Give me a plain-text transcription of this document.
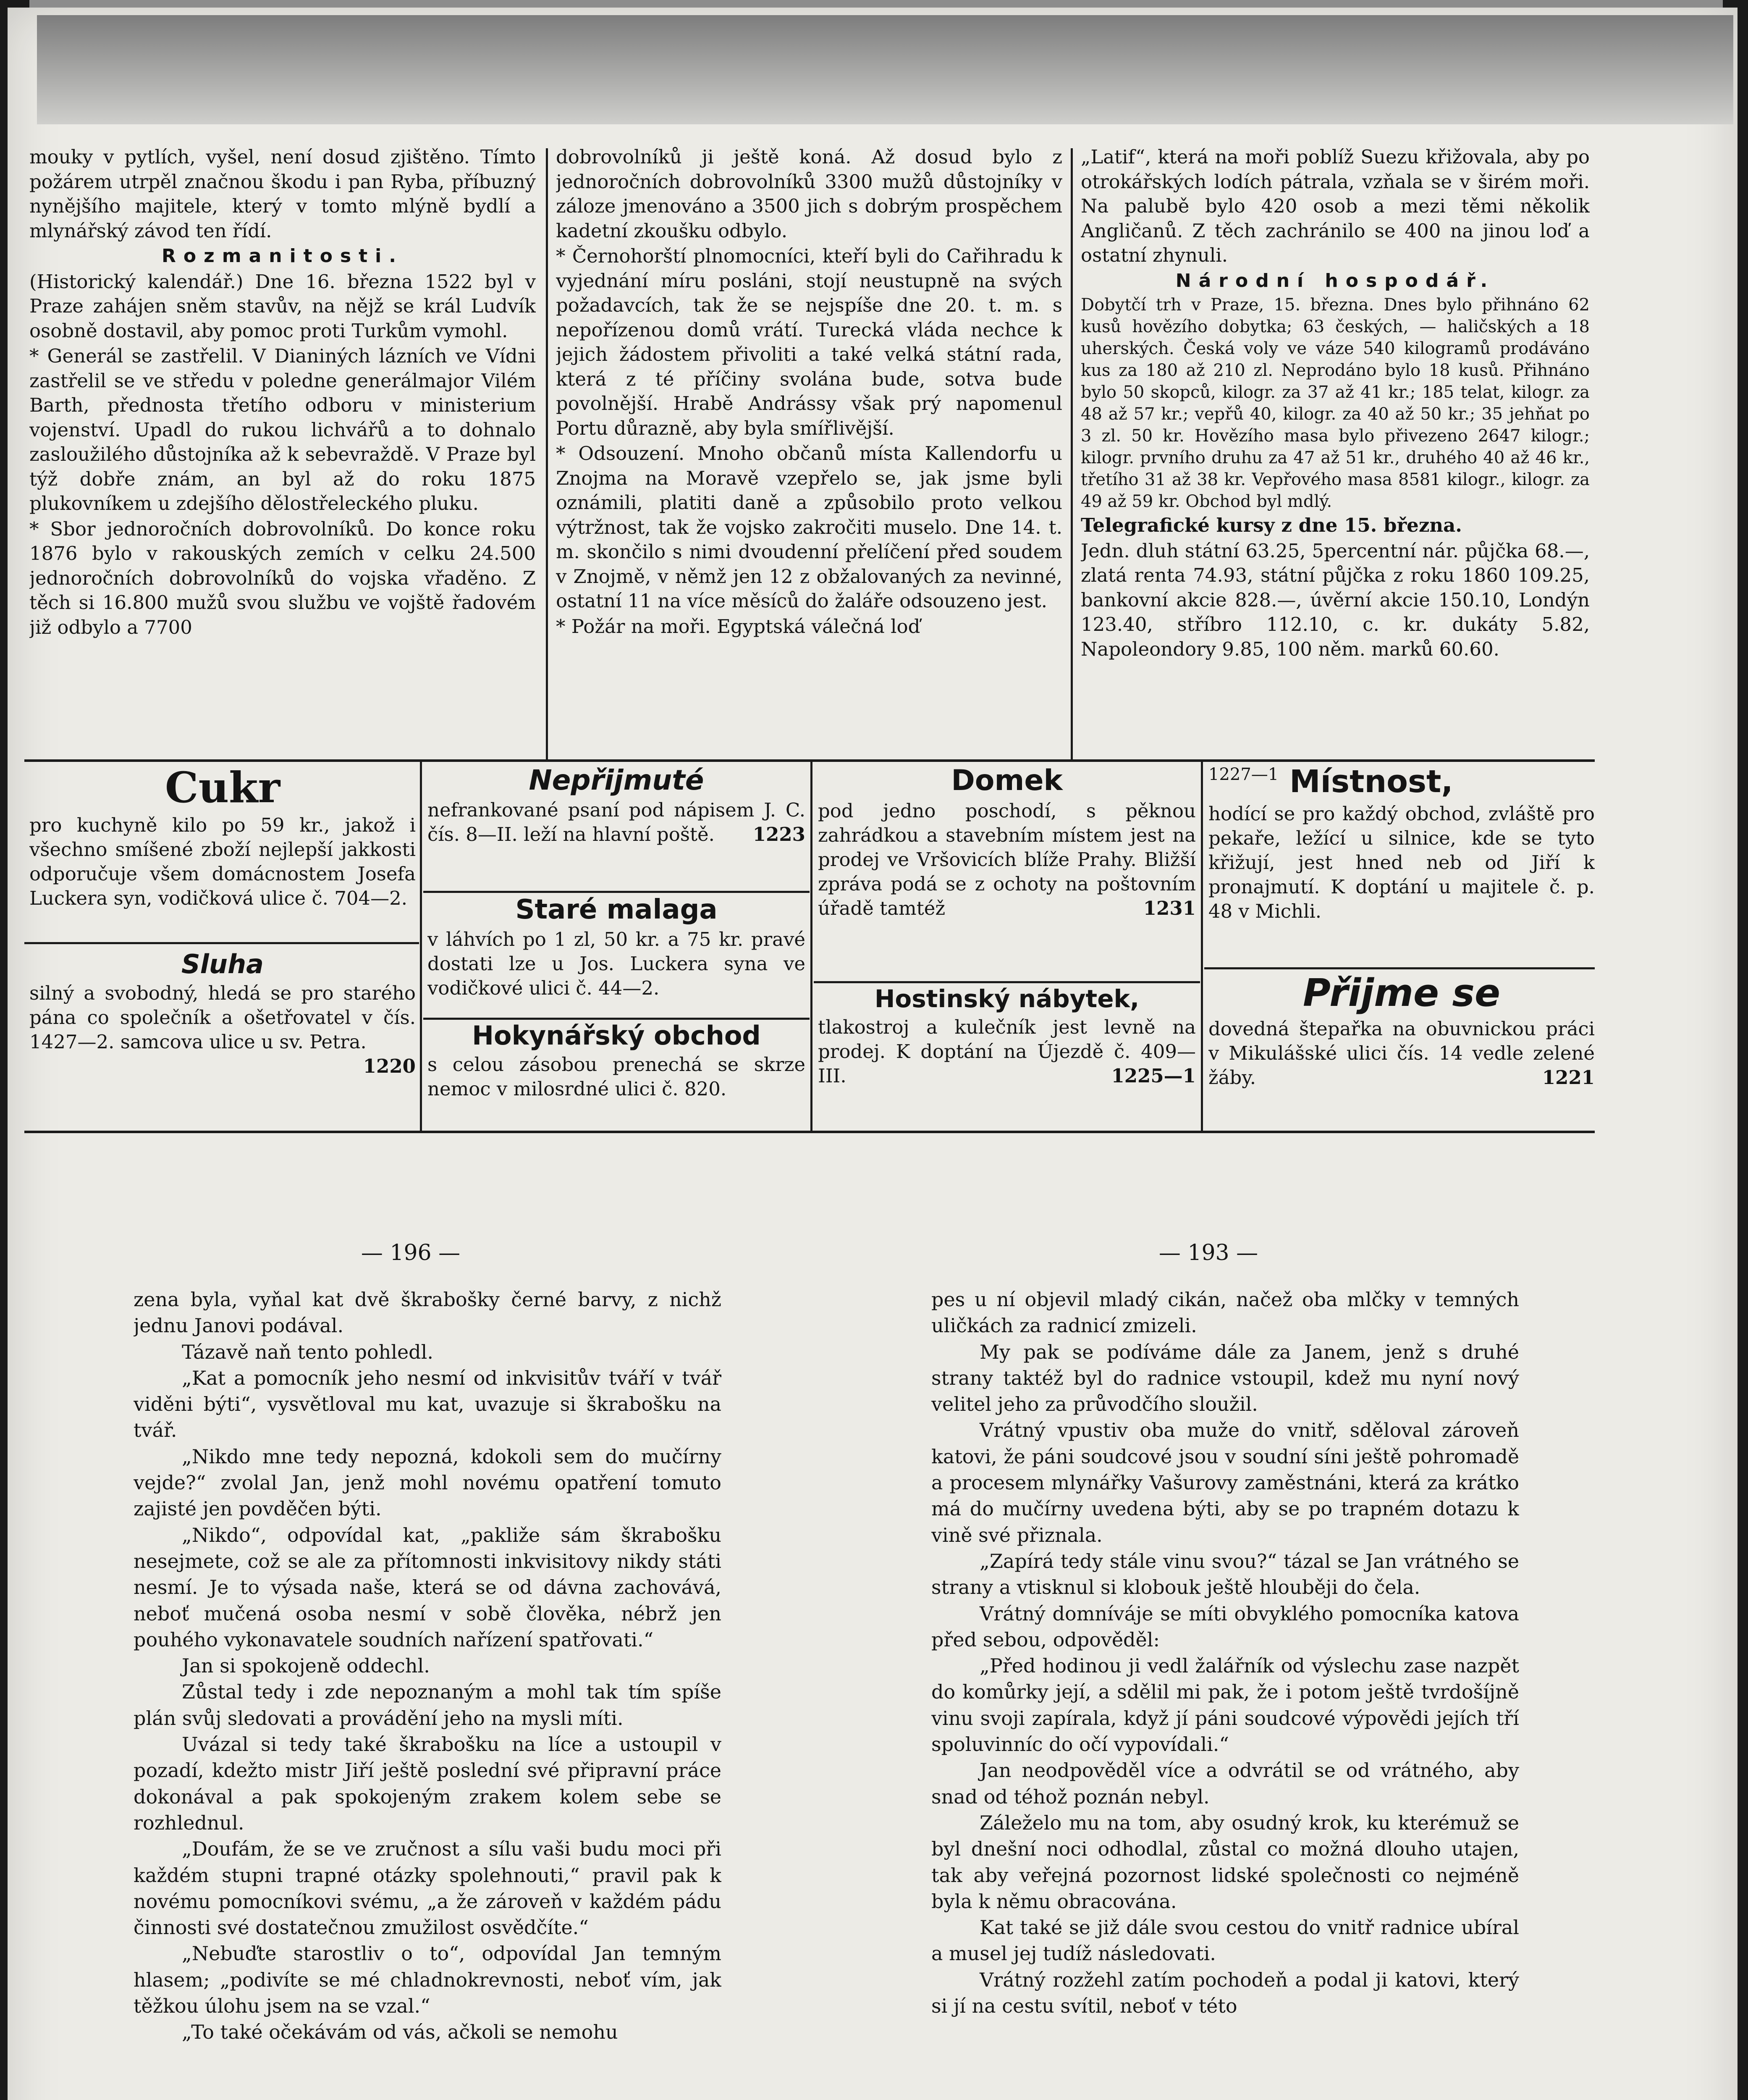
mouky v pytlích, vyšel, není dosud zjištěno. Tímto požárem utrpěl značnou škodu i pan Ryba, příbuzný nynějšího majitele, který v tomto mlýně bydlí a mlynářský závod ten řídí.

Rozmanitosti.

(Historický kalendář.) Dne 16. března 1522 byl v Praze zahájen sněm stavův, na nějž se král Ludvík osobně dostavil, aby pomoc proti Turkům vymohl.

* Generál se zastřelil. V Dianiných lázních ve Vídni zastřelil se ve středu v poledne generálmajor Vilém Barth, přednosta třetího odboru v ministerium vojenství. Upadl do rukou lichvářů a to dohnalo zasloužilého důstojníka až k sebevraždě. V Praze byl týž dobře znám, an byl až do roku 1875 plukovníkem u zdejšího dělostřeleckého pluku.

* Sbor jednoročních dobrovolníků. Do konce roku 1876 bylo v rakouských zemích v celku 24.500 jednoročních dobrovolníků do vojska vřaděno. Z těch si 16.800 mužů svou službu ve vojště řadovém již odbylo a 7700

dobrovolníků ji ještě koná. Až dosud bylo z jednoročních dobrovolníků 3300 mužů důstojníky v záloze jmenováno a 3500 jich s dobrým prospěchem kadetní zkoušku odbylo.

* Černohorští plnomocníci, kteří byli do Cařihradu k vyjednání míru posláni, stojí neustupně na svých požadavcích, tak že se nejspíše dne 20. t. m. s nepořízenou domů vrátí. Turecká vláda nechce k jejich žádostem přivoliti a také velká státní rada, která z té příčiny svolána bude, sotva bude povolnější. Hrabě Andrássy však prý napomenul Portu důrazně, aby byla smířlivější.

* Odsouzení. Mnoho občanů místa Kallendorfu u Znojma na Moravě vzepřelo se, jak jsme byli oznámili, platiti daně a způsobilo proto velkou výtržnost, tak že vojsko zakročiti muselo. Dne 14. t. m. skončilo s nimi dvoudenní přelíčení před soudem v Znojmě, v němž jen 12 z obžalovaných za nevinné, ostatní 11 na více měsíců do žaláře odsouzeno jest.

* Požár na moři. Egyptská válečná loď

„Latif“, která na moři poblíž Suezu křižovala, aby po otrokářských lodích pátrala, vzňala se v širém moři. Na palubě bylo 420 osob a mezi těmi několik Angličanů. Z těch zachránilo se 400 na jinou loď a ostatní zhynuli.

Národní hospodář.

Dobytčí trh v Praze, 15. března. Dnes bylo přihnáno 62 kusů hovězího dobytka; 63 českých, — haličských a 18 uherských. Česká voly ve váze 540 kilogramů prodáváno kus za 180 až 210 zl. Neprodáno bylo 18 kusů. Přihnáno bylo 50 skopců, kilogr. za 37 až 41 kr.; 185 telat, kilogr. za 48 až 57 kr.; vepřů 40, kilogr. za 40 až 50 kr.; 35 jehňat po 3 zl. 50 kr. Hovězího masa bylo přivezeno 2647 kilogr.; kilogr. prvního druhu za 47 až 51 kr., druhého 40 až 46 kr., třetího 31 až 38 kr. Vepřového masa 8581 kilogr., kilogr. za 49 až 59 kr. Obchod byl mdlý.

Telegrafické kursy z dne 15. března.

Jedn. dluh státní 63.25, 5percentní nár. půjčka 68.—, zlatá renta 74.93, státní půjčka z roku 1860 109.25, bankovní akcie 828.—, úvěrní akcie 150.10, Londýn 123.40, stříbro 112.10, c. kr. dukáty 5.82, Napoleondory 9.85, 100 něm. marků 60.60.

Cukr
pro kuchyně kilo po 59 kr., jakož i všechno smíšené zboží nejlepší jakkosti odporučuje všem domácnostem Josefa Luckera syn, vodičková ulice č. 704—2.
Sluha
silný a svobodný, hledá se pro starého pána co společník a ošetřovatel v čís. 1427—2. samcova ulice u sv. Petra.
1220
Nepřijmuté
nefrankované psaní pod nápisem J. C. čís. 8—II. leží na hlavní poště.	1223
Staré malaga
v láhvích po 1 zl, 50 kr. a 75 kr. pravé dostati lze u Jos. Luckera syna ve vodičkové ulici č. 44—2.
Hokynářský obchod
s celou zásobou prenechá se skrze nemoc v milosrdné ulici č. 820.
Domek
pod jedno poschodí, s pěknou zahrádkou a stavebním místem jest na prodej ve Vršovicích blíže Prahy. Bližší zpráva podá se z ochoty na poštovním úřadě tamtéž	1231
Hostinský nábytek,
tlakostroj a kulečník jest levně na prodej. K doptání na Újezdě č. 409—III.	1225—1
$^{1227—1}$ Místnost,
hodící se pro každý obchod, zvláště pro pekaře, ležící u silnice, kde se tyto křižují, jest hned neb od Jiří k pronajmutí. K doptání u majitele č. p. 48 v Michli.
Přijme se
dovedná štepařka na obuvnickou práci v Mikulášské ulici čís. 14 vedle zelené žáby.	1221
— 196 —

zena byla, vyňal kat dvě škrabošky černé barvy, z nichž jednu Janovi podával.

Tázavě naň tento pohledl.

„Kat a pomocník jeho nesmí od inkvisitův tváří v tvář viděni býti“, vysvětloval mu kat, uvazuje si škrabošku na tvář.

„Nikdo mne tedy nepozná, kdokoli sem do mučírny vejde?“ zvolal Jan, jenž mohl novému opatření tomuto zajisté jen povděčen býti.

„Nikdo“, odpovídal kat, „pakliže sám škrabošku nesejmete, což se ale za přítomnosti inkvisitovy nikdy státi nesmí. Je to výsada naše, která se od dávna zachovává, neboť mučená osoba nesmí v sobě člověka, nébrž jen pouhého vykonavatele soudních nařízení spatřovati.“

Jan si spokojeně oddechl.

Zůstal tedy i zde nepoznaným a mohl tak tím spíše plán svůj sledovati a provádění jeho na mysli míti.

Uvázal si tedy také škrabošku na líce a ustoupil v pozadí, kdežto mistr Jiří ještě poslední své připravní práce dokonával a pak spokojeným zrakem kolem sebe se rozhlednul.

„Doufám, že se ve zručnost a sílu vaši budu moci při každém stupni trapné otázky spolehnouti,“ pravil pak k novému pomocníkovi svému, „a že zároveň v každém pádu činnosti své dostatečnou zmužilost osvědčíte.“

„Nebuďte starostliv o to“, odpovídal Jan temným hlasem; „podivíte se mé chladnokrevnosti, neboť vím, jak těžkou úlohu jsem na se vzal.“

„To také očekávám od vás, ačkoli se nemohu

— 193 —

pes u ní objevil mladý cikán, načež oba mlčky v temných uličkách za radnicí zmizeli.

My pak se podíváme dále za Janem, jenž s druhé strany taktéž byl do radnice vstoupil, kdež mu nyní nový velitel jeho za průvodčího sloužil.

Vrátný vpustiv oba muže do vnitř, sděloval zároveň katovi, že páni soudcové jsou v soudní síni ještě pohromadě a procesem mlynářky Vašurovy zaměstnáni, která za krátko má do mučírny uvedena býti, aby se po trapném dotazu k vině své přiznala.

„Zapírá tedy stále vinu svou?“ tázal se Jan vrátného se strany a vtisknul si klobouk ještě hlouběji do čela.

Vrátný domníváje se míti obvyklého pomocníka katova před sebou, odpověděl:

„Před hodinou ji vedl žalářník od výslechu zase nazpět do komůrky její, a sdělil mi pak, že i potom ještě tvrdošíjně vinu svoji zapírala, když jí páni soudcové výpovědi jejích tří spoluvinníc do očí vypovídali.“

Jan neodpověděl více a odvrátil se od vrátného, aby snad od téhož poznán nebyl.

Záleželo mu na tom, aby osudný krok, ku kterémuž se byl dnešní noci odhodlal, zůstal co možná dlouho utajen, tak aby veřejná pozornost lidské společnosti co nejméně byla k němu obracována.

Kat také se již dále svou cestou do vnitř radnice ubíral a musel jej tudíž následovati.

Vrátný rozžehl zatím pochodeň a podal ji katovi, který si jí na cestu svítil, neboť v této
